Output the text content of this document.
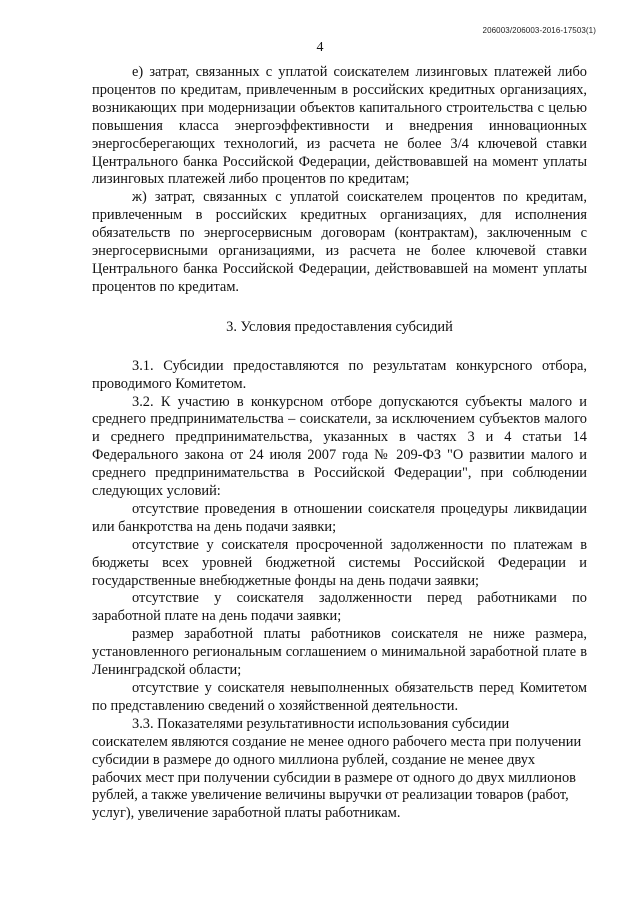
206003/206003-2016-17503(1)
4

е) затрат, связанных с уплатой соискателем лизинговых платежей либо процентов по кредитам, привлеченным в российских кредитных организациях, возникающих при модернизации объектов капитального строительства с целью повышения класса энергоэффективности и внедрения инновационных энергосберегающих технологий, из расчета не более 3/4 ключевой ставки Центрального банка Российской Федерации, действовавшей на момент уплаты лизинговых платежей либо процентов по кредитам;

ж) затрат, связанных с уплатой соискателем процентов по кредитам, привлеченным в российских кредитных организациях, для исполнения обязательств по энергосервисным договорам (контрактам), заключенным с энергосервисными организациями, из расчета не более ключевой ставки Центрального банка Российской Федерации, действовавшей на момент уплаты процентов по кредитам.

3. Условия предоставления субсидий

3.1. Субсидии предоставляются по результатам конкурсного отбора, проводимого Комитетом.

3.2. К участию в конкурсном отборе допускаются субъекты малого и среднего предпринимательства – соискатели, за исключением субъектов малого и среднего предпринимательства, указанных в частях 3 и 4 статьи 14 Федерального закона от 24 июля 2007 года № 209-ФЗ "О развитии малого и среднего предпринимательства в Российской Федерации", при соблюдении следующих условий:

отсутствие проведения в отношении соискателя процедуры ликвидации или банкротства на день подачи заявки;

отсутствие у соискателя просроченной задолженности по платежам в бюджеты всех уровней бюджетной системы Российской Федерации и государственные внебюджетные фонды на день подачи заявки;

отсутствие у соискателя задолженности перед работниками по заработной плате на день подачи заявки;

размер заработной платы работников соискателя не ниже размера, установленного региональным соглашением о минимальной заработной плате в Ленинградской области;

отсутствие у соискателя невыполненных обязательств перед Комитетом по представлению сведений о хозяйственной деятельности.

3.3. Показателями результативности использования субсидии соискателем являются создание не менее одного рабочего места при получении субсидии в размере до одного миллиона рублей, создание не менее двух рабочих мест при получении субсидии в размере от одного до двух миллионов рублей, а также увеличение величины выручки от реализации товаров (работ, услуг), увеличение заработной платы работникам.
